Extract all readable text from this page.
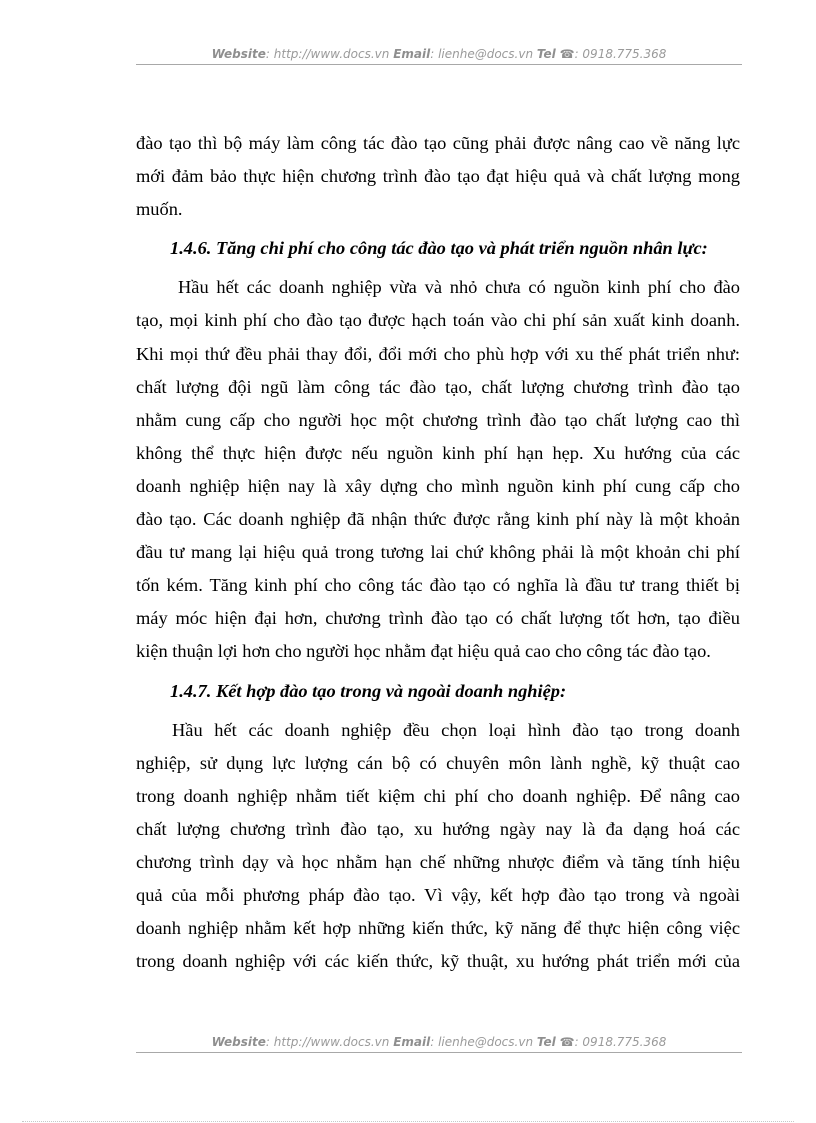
Website: http://www.docs.vn Email: lienhe@docs.vn Tel ☎: 0918.775.368
đào tạo thì bộ máy làm công tác đào tạo cũng phải được nâng cao về năng lực
mới đảm bảo thực hiện chương trình đào tạo đạt hiệu quả và chất lượng mong
muốn.
1.4.6. Tăng chi phí cho công tác đào tạo và phát triển nguồn nhân lực:
Hầu hết các doanh nghiệp vừa và nhỏ chưa có nguồn kinh phí cho đào
tạo, mọi kinh phí cho đào tạo được hạch toán vào chi phí sản xuất kinh doanh.
Khi mọi thứ đều phải thay đổi, đổi mới cho phù hợp với xu thế phát triển như:
chất lượng đội ngũ làm công tác đào tạo, chất lượng chương trình đào tạo
nhằm cung cấp cho người học một chương trình đào tạo chất lượng cao thì
không thể thực hiện được nếu nguồn kinh phí hạn hẹp. Xu hướng của các
doanh nghiệp hiện nay là xây dựng cho mình nguồn kinh phí cung cấp cho
đào tạo. Các doanh nghiệp đã nhận thức được rằng kinh phí này là một khoản
đầu tư mang lại hiệu quả trong tương lai chứ không phải là một khoản chi phí
tốn kém. Tăng kinh phí cho công tác đào tạo có nghĩa là đầu tư trang thiết bị
máy móc hiện đại hơn, chương trình đào tạo có chất lượng tốt hơn, tạo điều
kiện thuận lợi hơn cho người học nhằm đạt hiệu quả cao cho công tác đào tạo.
1.4.7. Kết hợp đào tạo trong và ngoài doanh nghiệp:
Hầu hết các doanh nghiệp đều chọn loại hình đào tạo trong doanh
nghiệp, sử dụng lực lượng cán bộ có chuyên môn lành nghề, kỹ thuật cao
trong doanh nghiệp nhằm tiết kiệm chi phí cho doanh nghiệp. Để nâng cao
chất lượng chương trình đào tạo, xu hướng ngày nay là đa dạng hoá các
chương trình dạy và học nhằm hạn chế những nhược điểm và tăng tính hiệu
quả của mỗi phương pháp đào tạo. Vì vậy, kết hợp đào tạo trong và ngoài
doanh nghiệp nhằm kết hợp những kiến thức, kỹ năng để thực hiện công việc
trong doanh nghiệp với các kiến thức, kỹ thuật, xu hướng phát triển mới của
Website: http://www.docs.vn Email: lienhe@docs.vn Tel ☎: 0918.775.368
